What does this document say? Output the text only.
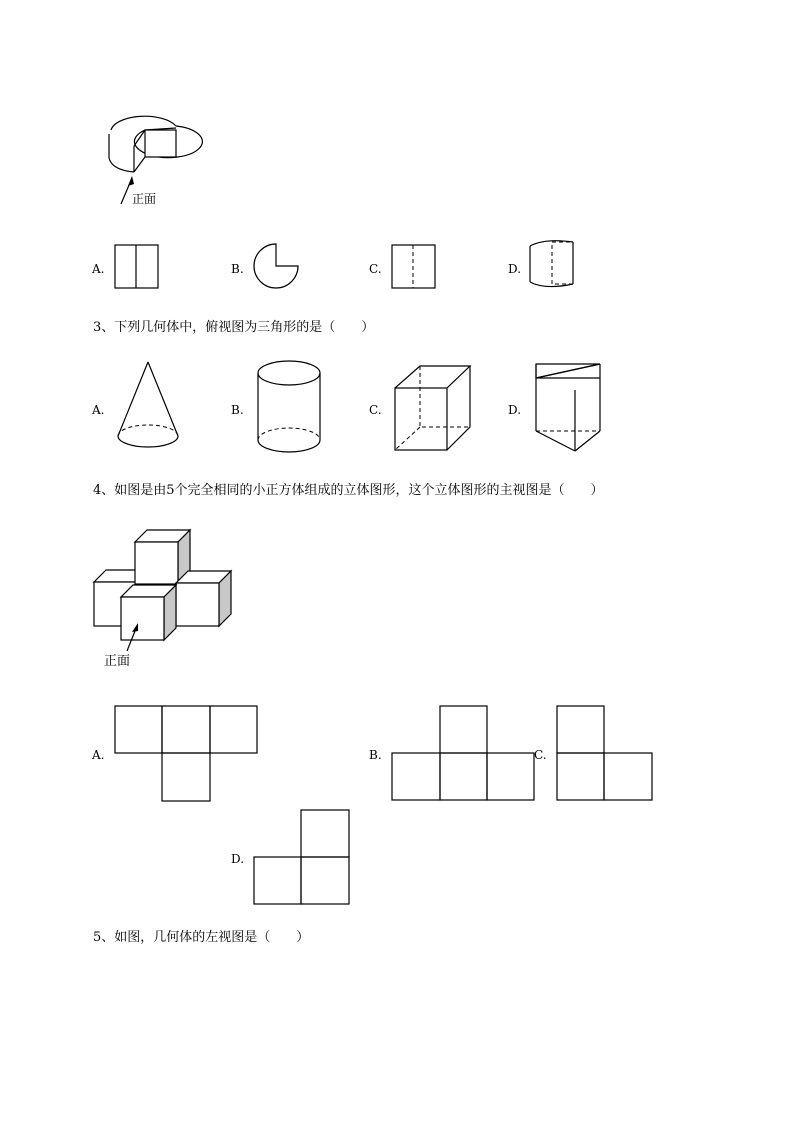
正面
A.	B.	C.	D.
3、下列几何体中，俯视图为三角形的是（　　）
A.	B.	C.	D.
4、如图是由5个完全相同的小正方体组成的立体图形，这个立体图形的主视图是（　　）
正面
A.	B.	C.
D.
5、如图，几何体的左视图是（　　）
